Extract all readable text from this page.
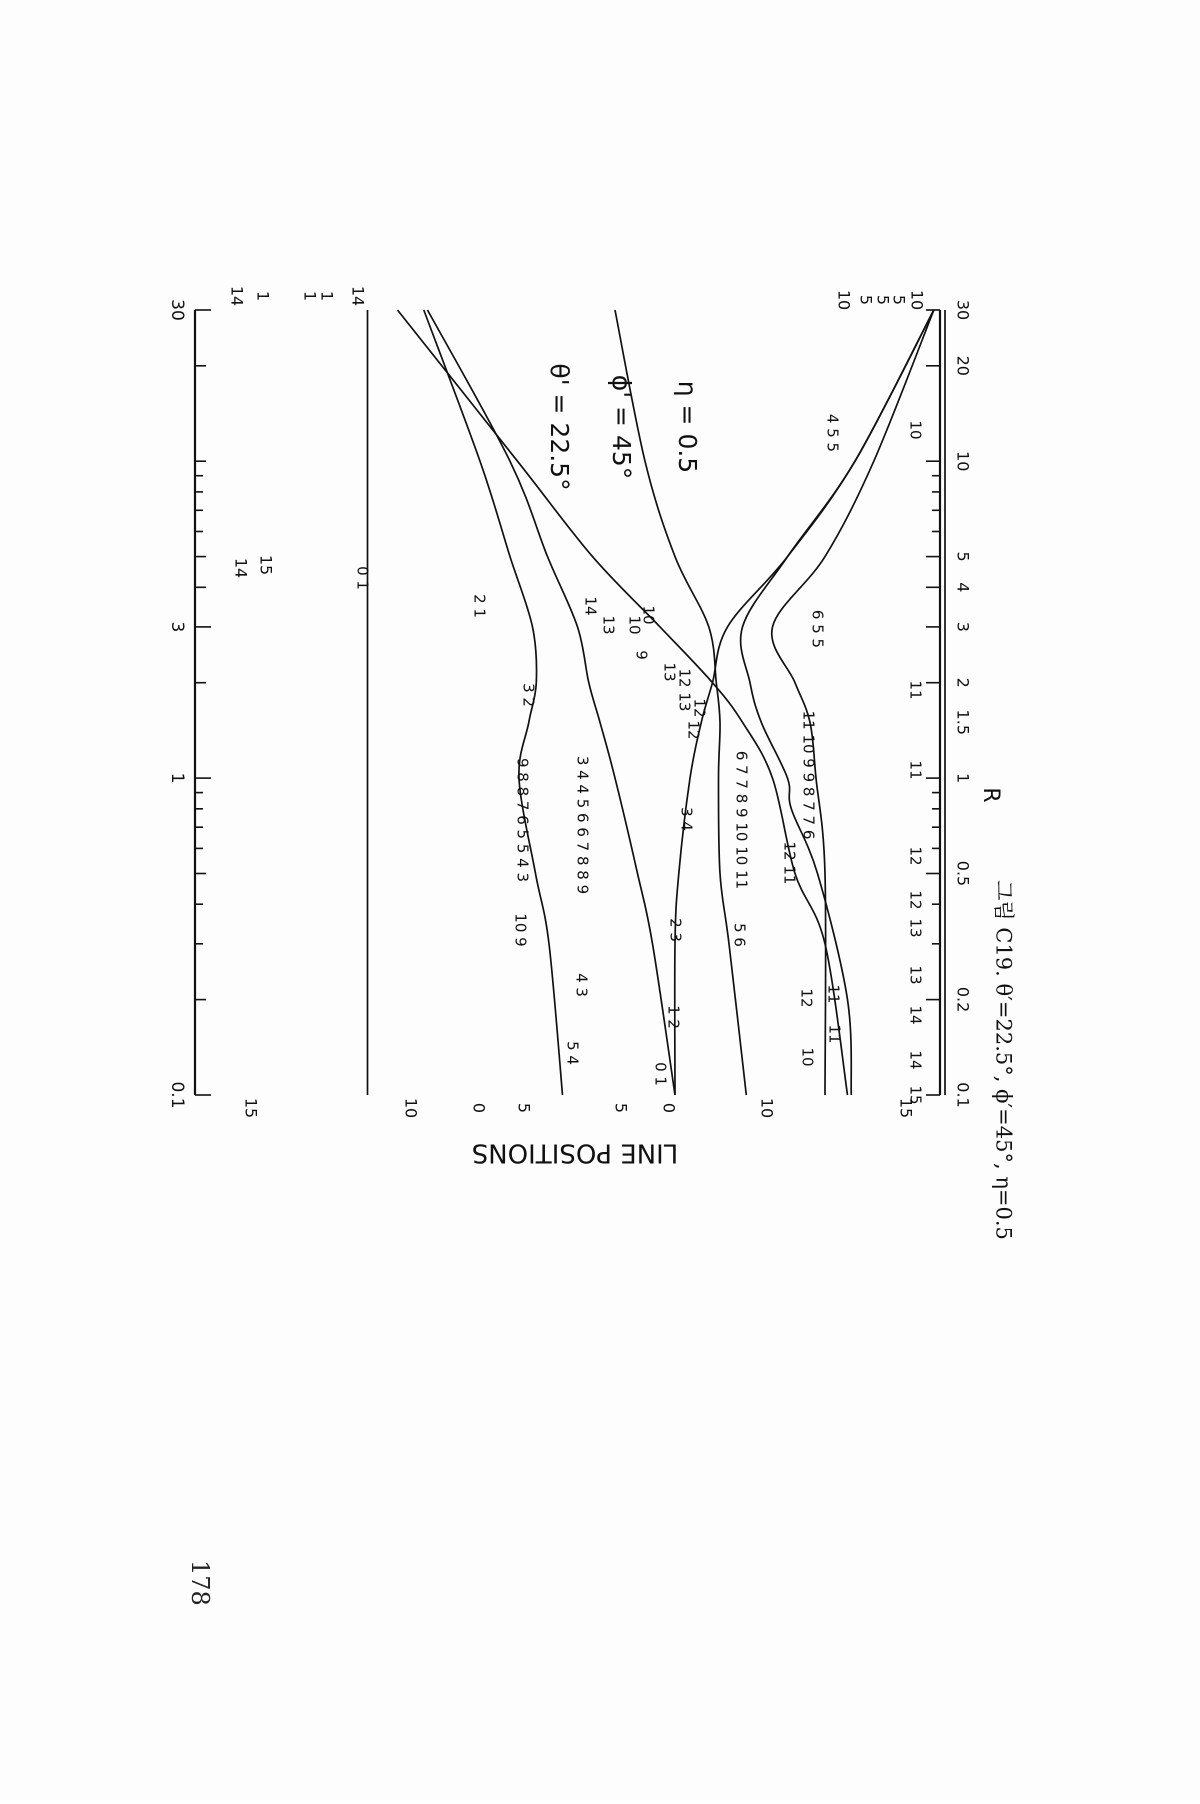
0.1
1
3
30
0.1
0.2
0.5
1
1.5
2
3
4
5
10
20
30
R
LINE POSITIONS
15	10	0 5	5 0	10	15
14 1 1
1 14	10 5
5
5 10
14 15
15
14
14
13
13
12
12
11
11
10
0 1
2 1
3 2
14
13 10
10
9
10 9
9 8 8 7 6 5 5 4 3
5 4
4 3
3 4 4 5 6 6 7 8 8 9
0 1
1 2
2 3
3 4
12
12 13
12
13
5 6
6 7 7 8 9 10 10 11
10
12 11
11
12 11
11 10 9 9 8 7 7 6
6 5 5
4 5 5
θ' = 22.5° ϕ' = 45° η = 0.5
그림 C19. θ′=22.5°, ϕ′=45°, η=0.5
178
